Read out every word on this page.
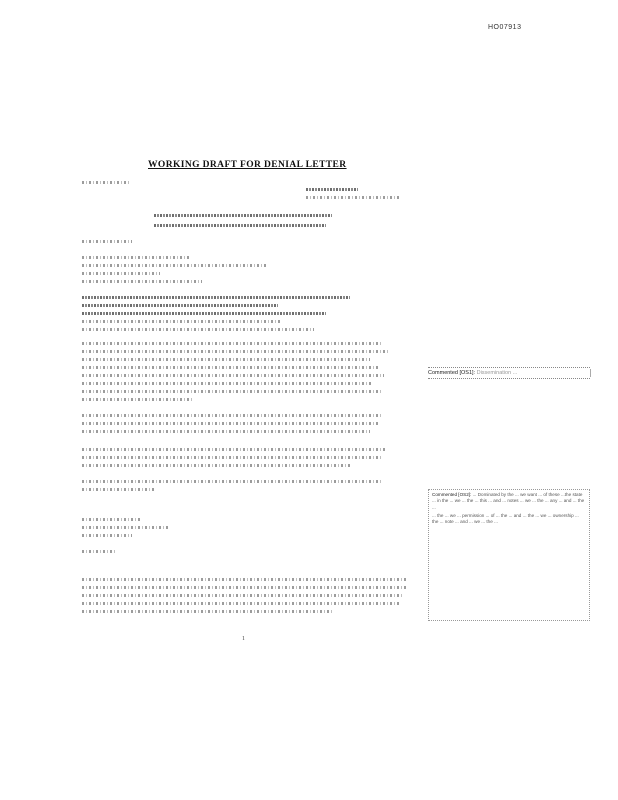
HO07913
WORKING DRAFT FOR DENIAL LETTER
Commented [OS1]: Dissemination ...

Commented [OS2]: ... Dominated by the ... we want ... of these ...the state ... in the ... we ... the ... this ... and ... notes ... we ... the ... any ... and ... the ...

... the ... we ... permission ... of ... the ... and ... the ... we ... ownership ... the ... note ... and ... we ... the ...

1
